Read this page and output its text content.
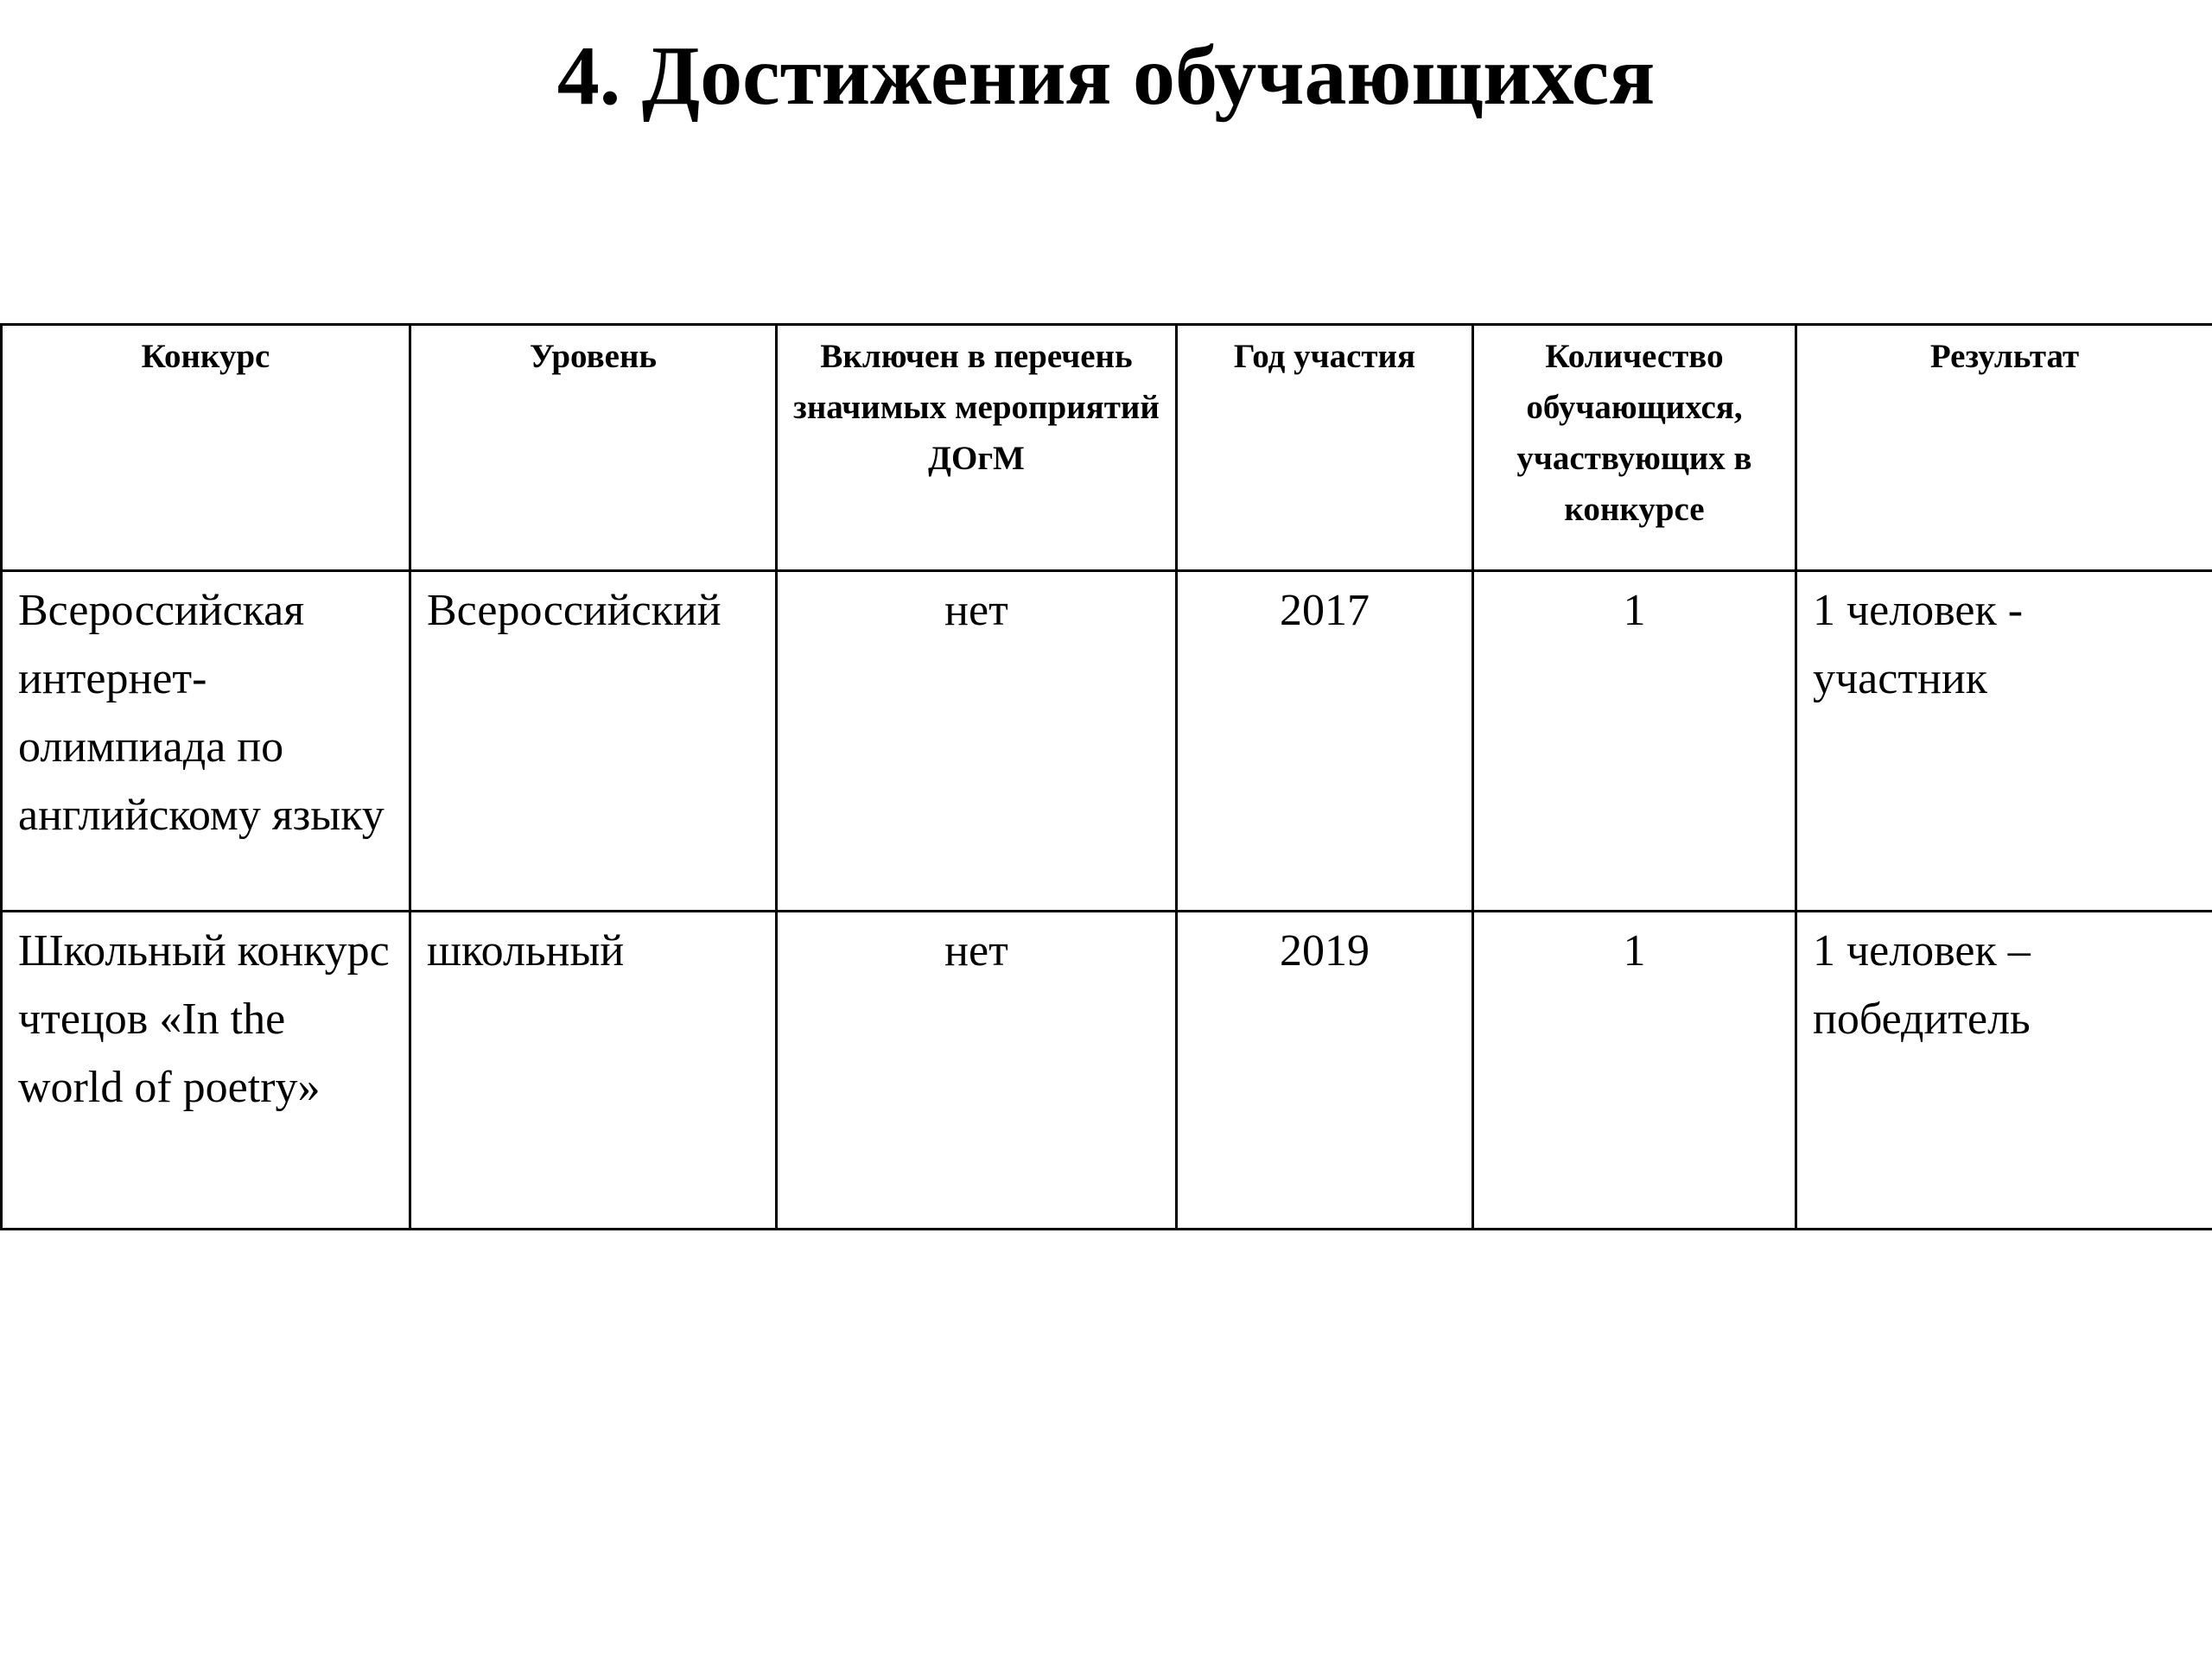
4. Достижения обучающихся
Конкурс	Уровень	Включен в перечень значимых мероприятий ДОгМ	Год участия	Количество обучающихся, участвующих в конкурсе	Результат
Всероссийская интернет-олимпиада по английскому языку	Всероссийский	нет	2017	1	1 человек - участник
Школьный конкурс чтецов «In the world of poetry»	школьный	нет	2019	1	1 человек – победитель
